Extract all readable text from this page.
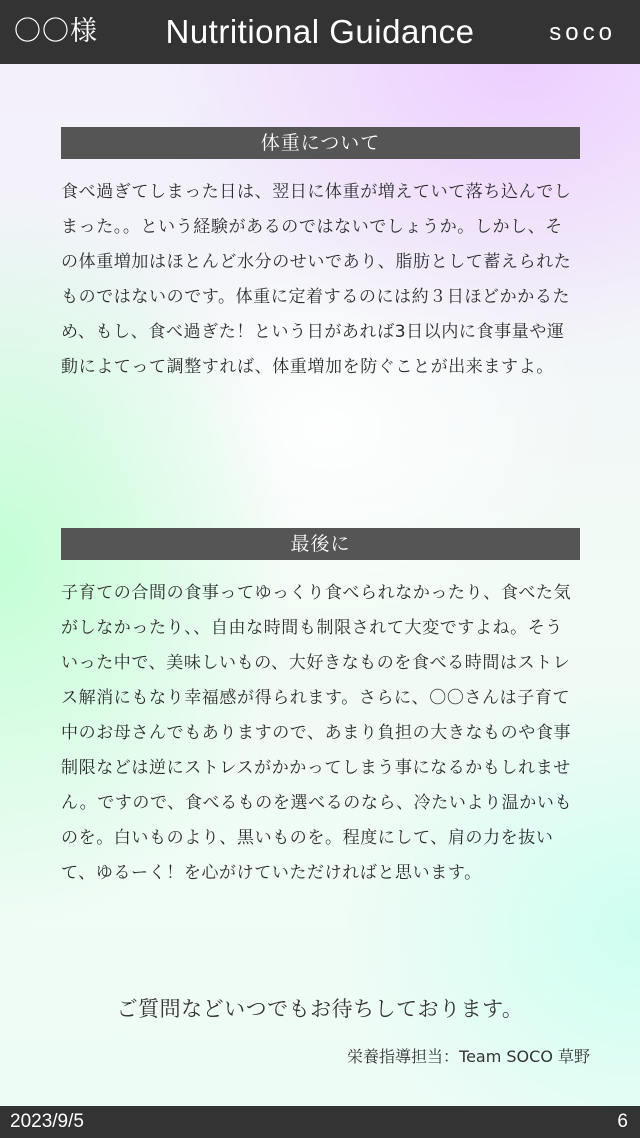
〇〇様	Nutritional Guidance	soco
体重について
食べ過ぎてしまった日は、翌日に体重が増えていて落ち込んでしまった。。という経験があるのではないでしょうか。しかし、その体重増加はほとんど水分のせいであり、脂肪として蓄えられたものではないのです。体重に定着するのには約３日ほどかかるため、もし、食べ過ぎた！という日があれば3日以内に食事量や運動によてって調整すれば、体重増加を防ぐことが出来ますよ。
最後に
子育ての合間の食事ってゆっくり食べられなかったり、食べた気がしなかったり、、自由な時間も制限されて大変ですよね。そういった中で、美味しいもの、大好きなものを食べる時間はストレス解消にもなり幸福感が得られます。さらに、〇〇さんは子育て中のお母さんでもありますので、あまり負担の大きなものや食事制限などは逆にストレスがかかってしまう事になるかもしれません。ですので、食べるものを選べるのなら、冷たいより温かいものを。白いものより、黒いものを。程度にして、肩の力を抜いて、ゆるーく！を心がけていただければと思います。
ご質問などいつでもお待ちしております。
栄養指導担当：Team SOCO 草野
2023/9/5	6
